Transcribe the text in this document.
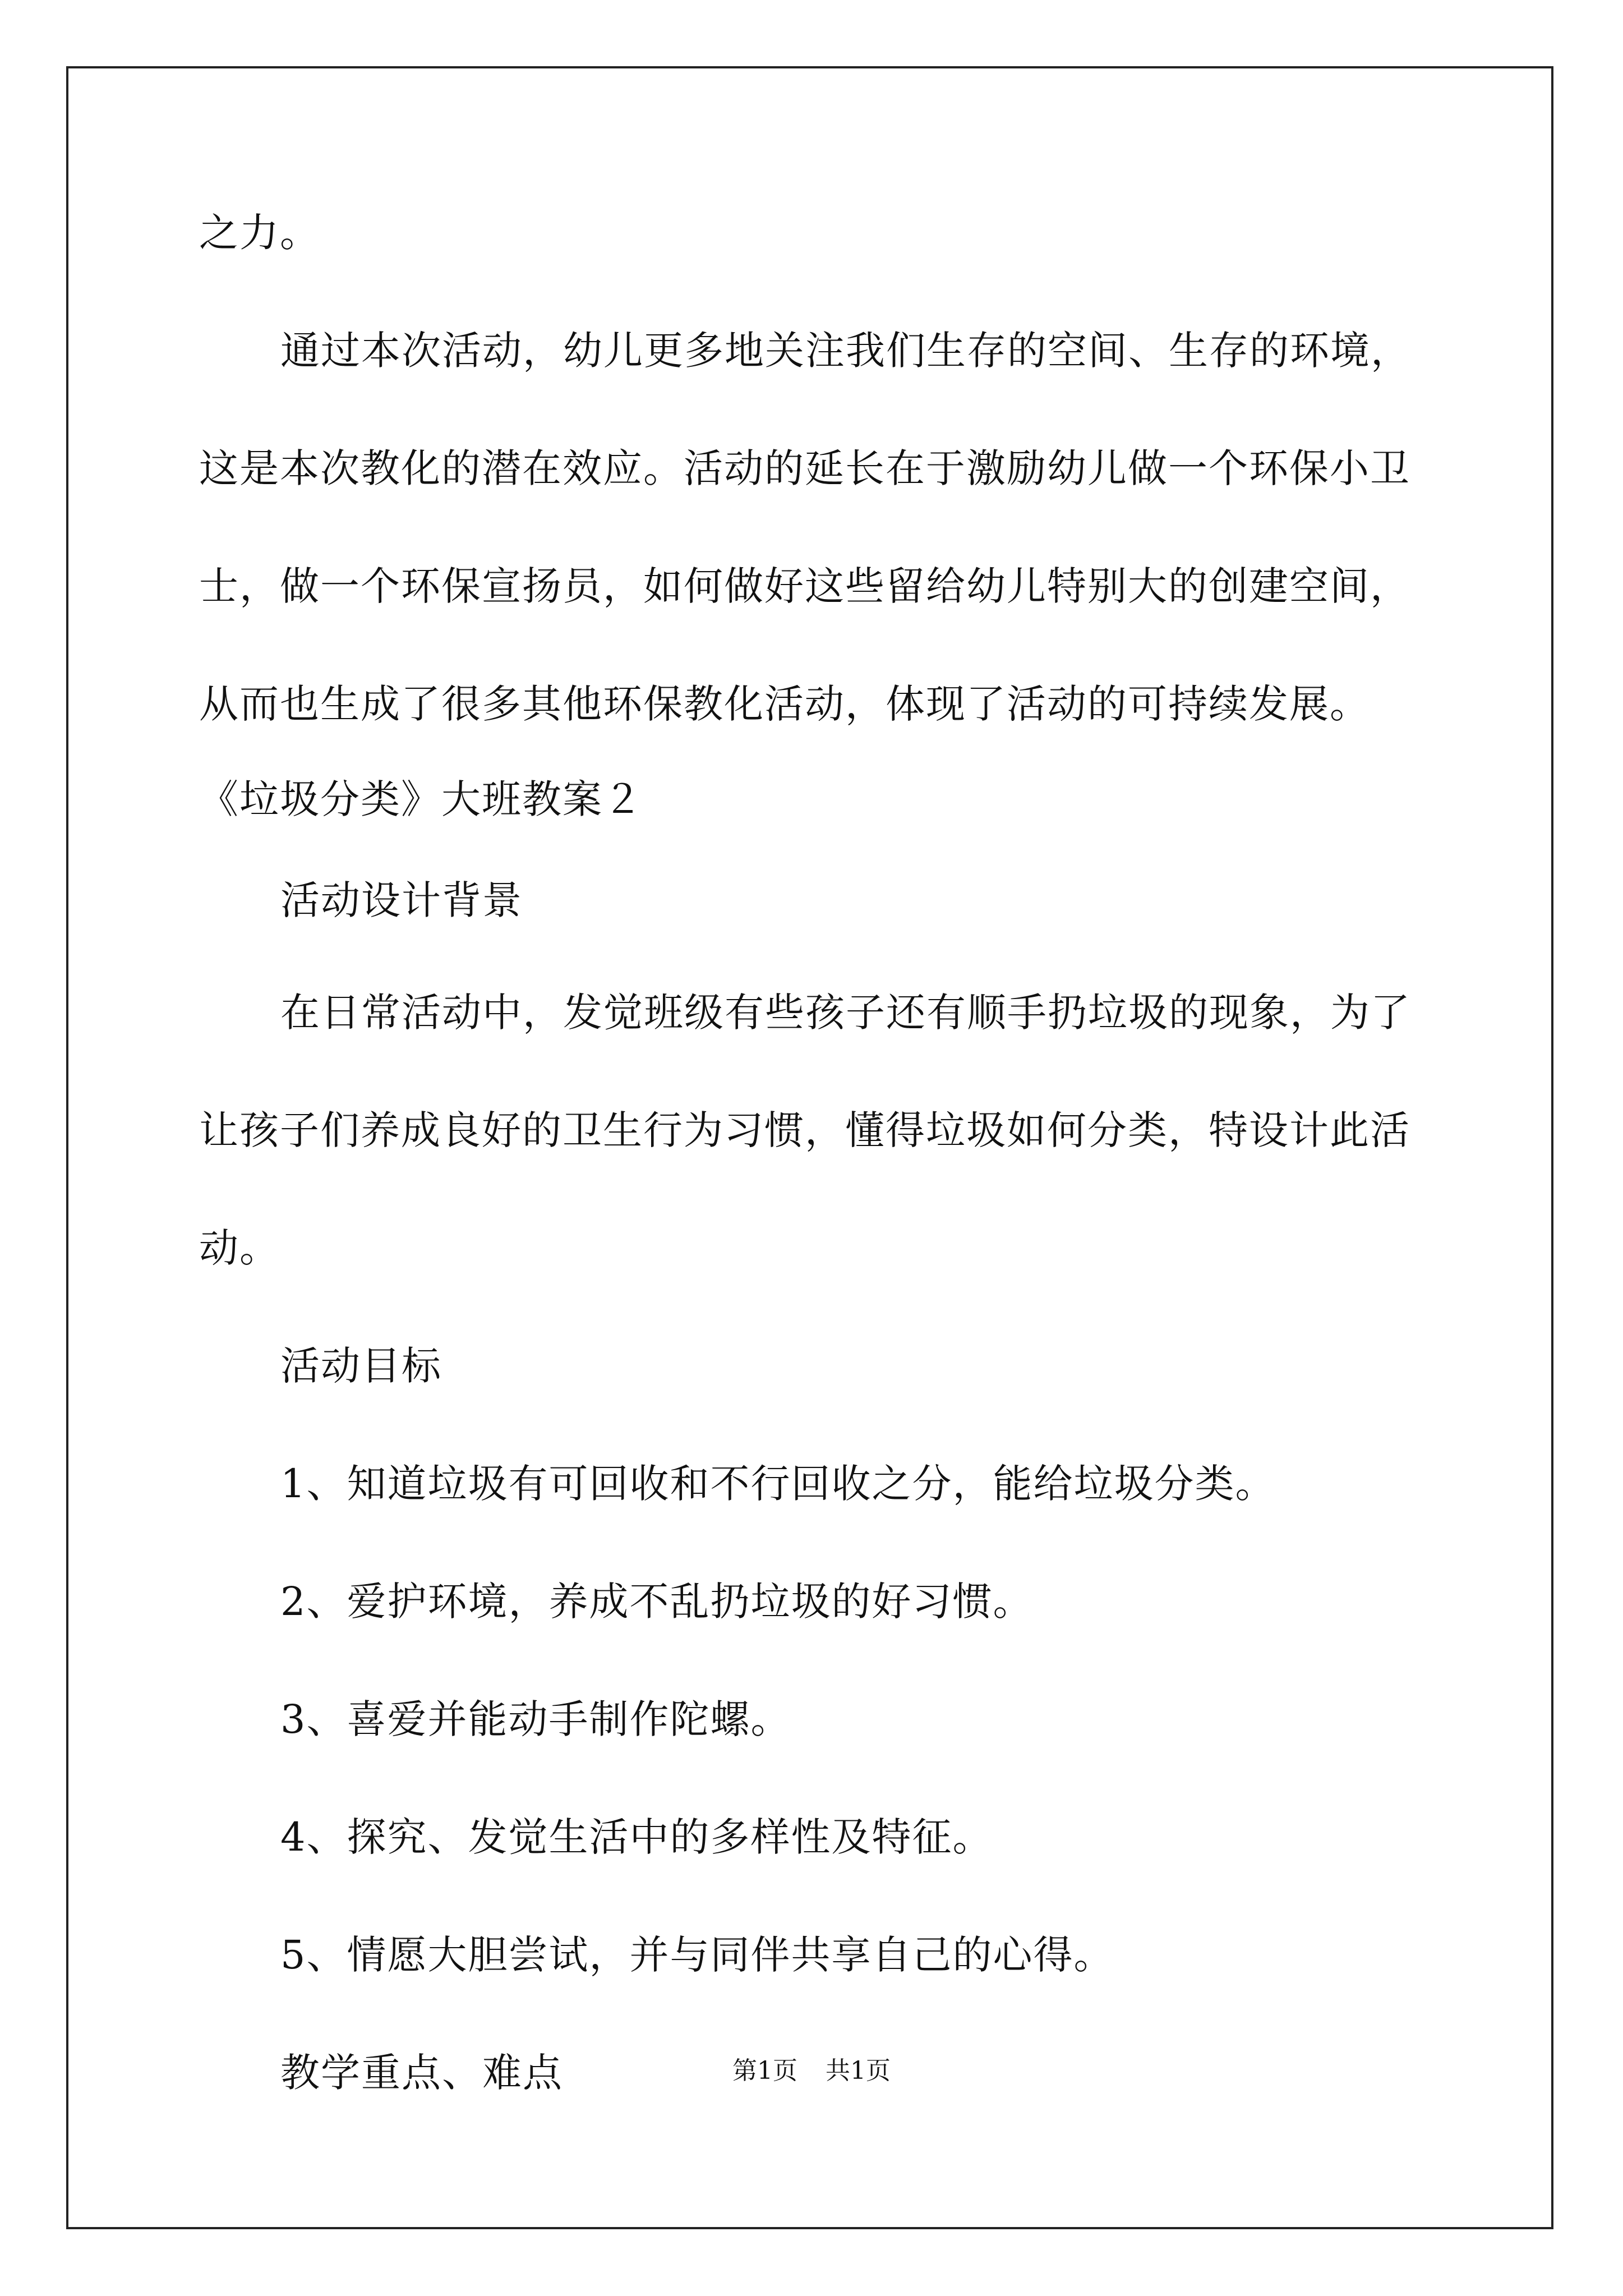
之力。

通过本次活动，幼儿更多地关注我们生存的空间、生存的环境，

这是本次教化的潜在效应。活动的延长在于激励幼儿做一个环保小卫

士，做一个环保宣扬员，如何做好这些留给幼儿特别大的创建空间，

从而也生成了很多其他环保教化活动，体现了活动的可持续发展。

《垃圾分类》大班教案２

活动设计背景

在日常活动中，发觉班级有些孩子还有顺手扔垃圾的现象，为了

让孩子们养成良好的卫生行为习惯，懂得垃圾如何分类，特设计此活

动。

活动目标

1、知道垃圾有可回收和不行回收之分，能给垃圾分类。

2、爱护环境，养成不乱扔垃圾的好习惯。

3、喜爱并能动手制作陀螺。

4、探究、发觉生活中的多样性及特征。

5、情愿大胆尝试，并与同伴共享自己的心得。

教学重点、难点	第1页 共1页
